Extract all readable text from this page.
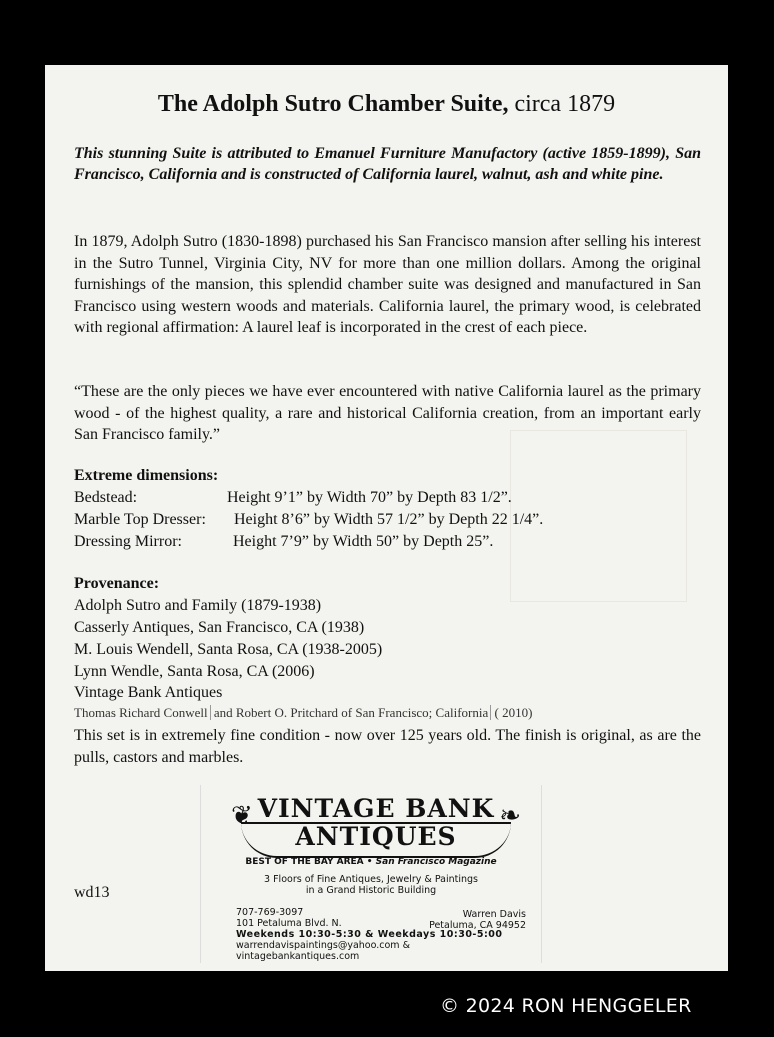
The Adolph Sutro Chamber Suite, circa 1879

This stunning Suite is attributed to Emanuel Furniture Manufactory (active 1859-1899), San Francisco, California and is constructed of California laurel, walnut, ash and white pine.

In 1879, Adolph Sutro (1830-1898) purchased his San Francisco mansion after selling his interest in the Sutro Tunnel, Virginia City, NV for more than one million dollars. Among the original furnishings of the mansion, this splendid chamber suite was designed and manufactured in San Francisco using western woods and materials. California laurel, the primary wood, is celebrated with regional affirmation: A laurel leaf is incorporated in the crest of each piece.

“These are the only pieces we have ever encountered with native California laurel as the primary wood - of the highest quality, a rare and historical California creation, from an important early San Francisco family.”

Extreme dimensions:
Bedstead:	Height 9’1” by Width 70” by Depth 83 1/2”.
Marble Top Dresser: Height 8’6” by Width 57 1/2” by Depth 22 1/4”.
Dressing Mirror:	Height 7’9” by Width 50” by Depth 25”.
Provenance:
Adolph Sutro and Family (1879-1938)
Casserly Antiques, San Francisco, CA (1938)
M. Louis Wendell, Santa Rosa, CA (1938-2005)
Lynn Wendle, Santa Rosa, CA (2006)
Vintage Bank Antiques
Thomas Richard Conwell and Robert O. Pritchard of San Francisco; California ( 2010)

This set is in extremely fine condition - now over 125 years old. The finish is original, as are the pulls, castors and marbles.

❦	❧
VINTAGE BANK
ANTIQUES
BEST OF THE BAY AREA • San Francisco Magazine
3 Floors of Fine Antiques, Jewelry & Paintings
in a Grand Historic Building
707-769-3097	Warren Davis
101 Petaluma Blvd. N.	Petaluma, CA 94952
Weekends 10:30-5:30 & Weekdays 10:30-5:00
warrendavispaintings@yahoo.com & vintagebankantiques.com
wd13
© 2024 RON HENGGELER
